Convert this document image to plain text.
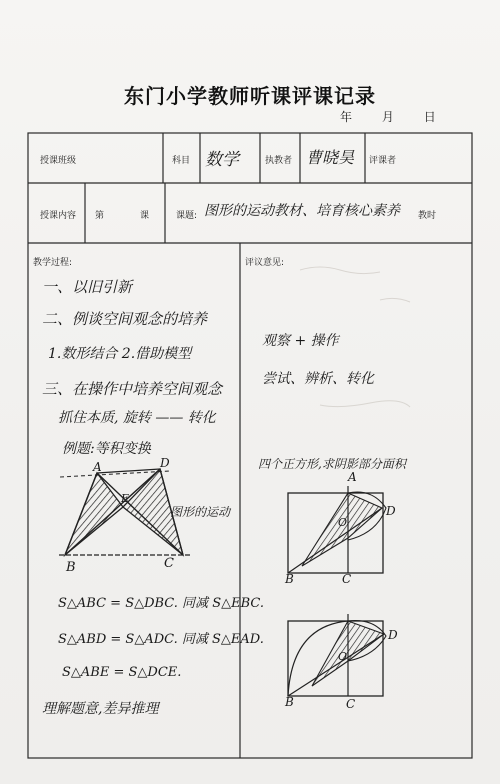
东门小学教师听课评课记录
年 月 日
授课班级	科目 数学	执教者 曹晓昊 评课者
授课内容 第	课	课题: 图形的运动教材、培育核心素养 教时
教学过程:
一、以旧引新
二、例谈空间观念的培养
1.数形结合 2.借助模型
三、在操作中培养空间观念
抓住本质, 旋转 —— 转化
例题:等积变换
A	D
E
B	C
图形的运动
S△ABC = S△DBC. 同减 S△EBC.
S△ABD = S△ADC. 同减 S△EAD.
S△ABE = S△DCE.
理解题意,差异推理
评议意见:
观察 + 操作
尝试、辨析、转化
四个正方形,求阴影部分面积
A
D
O
B	C
D
O
B	C
